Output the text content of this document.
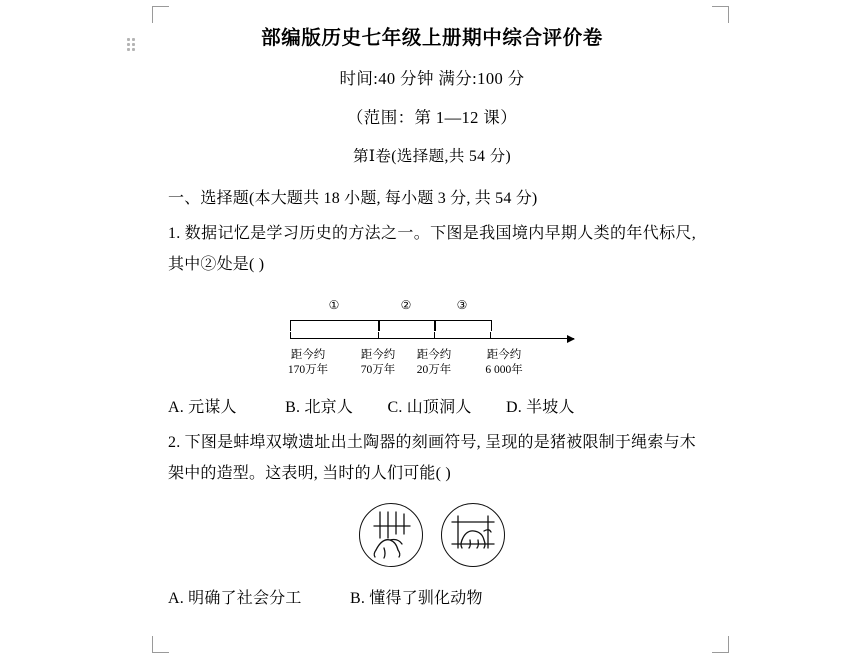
部编版历史七年级上册期中综合评价卷
时间:40 分钟 满分:100 分
（范围：第 1—12 课）
第Ⅰ卷(选择题,共 54 分)
一、选择题(本大题共 18 小题, 每小题 3 分, 共 54 分)
1. 数据记忆是学习历史的方法之一。下图是我国境内早期人类的年代标尺, 其中②处是( )
①	②	③
距今约
170万年
距今约
70万年
距今约
20万年
距今约
6 000年
A. 元谋人	B. 北京人 C. 山顶洞人 D. 半坡人
2. 下图是蚌埠双墩遗址出土陶器的刻画符号, 呈现的是猪被限制于绳索与木架中的造型。这表明, 当时的人们可能( )
A. 明确了社会分工	B. 懂得了驯化动物
